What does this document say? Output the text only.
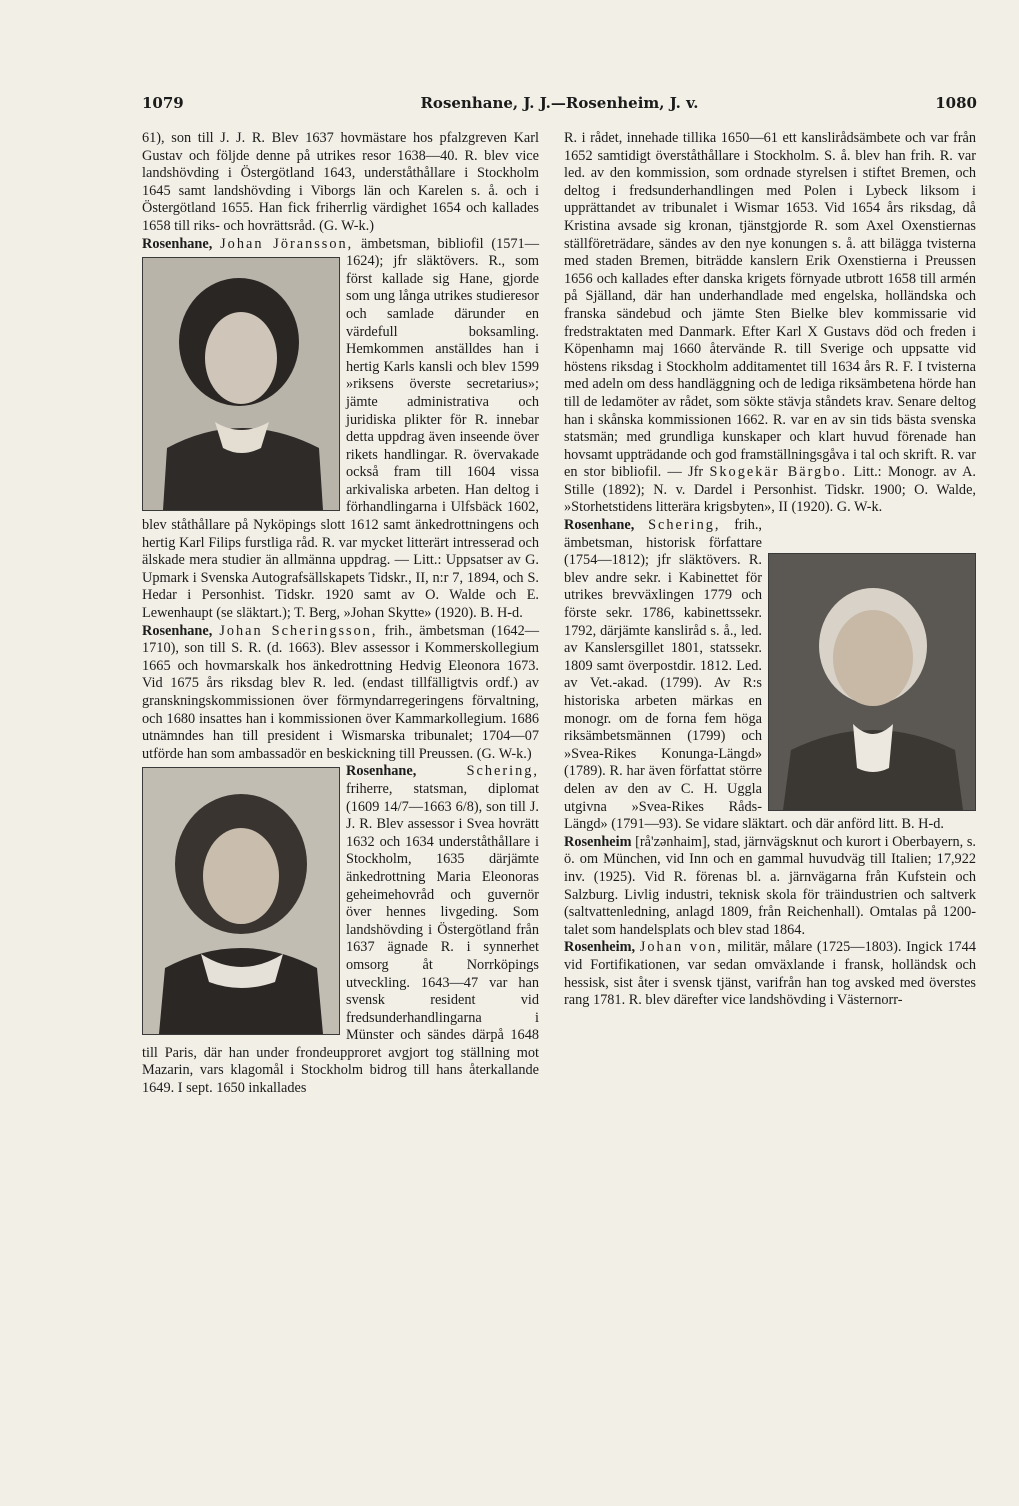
1079	Rosenhane, J. J.—Rosenheim, J. v.	1080

61), son till J. J. R. Blev 1637 hovmästare hos pfalzgreven Karl Gustav och följde denne på utrikes resor 1638—40. R. blev vice landshövding i Östergötland 1643, underståthållare i Stockholm 1645 samt landshövding i Viborgs län och Karelen s. å. och i Östergötland 1655. Han fick friherrlig värdighet 1654 och kallades 1658 till riks- och hovrättsråd. (G. W-k.)

Rosenhane, Johan Jöransson, ämbetsman, bibliofil (1571—1624); jfr släktövers. R., som först kallade sig Hane, gjorde som ung långa utrikes studieresor och samlade därunder en värdefull boksamling. Hemkommen anställdes han i hertig Karls kansli och blev 1599 »riksens överste secretarius»; jämte administrativa och juridiska plikter för R. innebar detta uppdrag även inseende över rikets handlingar. R. övervakade också fram till 1604 vissa arkivaliska arbeten. Han deltog i förhandlingarna i Ulfsbäck 1602, blev ståthållare på Nyköpings slott 1612 samt änkedrottningens och hertig Karl Filips furstliga råd. R. var mycket litterärt intresserad och älskade mera studier än allmänna uppdrag. — Litt.: Uppsatser av G. Upmark i Svenska Autografsällskapets Tidskr., II, n:r 7, 1894, och S. Hedar i Personhist. Tidskr. 1920 samt av O. Walde och E. Lewenhaupt (se släktart.); T. Berg, »Johan Skytte» (1920). B. H-d.

Rosenhane, Johan Scheringsson, frih., ämbetsman (1642—1710), son till S. R. (d. 1663). Blev assessor i Kommerskollegium 1665 och hovmarskalk hos änkedrottning Hedvig Eleonora 1673. Vid 1675 års riksdag blev R. led. (endast tillfälligtvis ordf.) av granskningskommissionen över förmyndarregeringens förvaltning, och 1680 insattes han i kommissionen över Kammarkollegium. 1686 utnämndes han till president i Wismarska tribunalet; 1704—07 utförde han som ambassadör en beskickning till Preussen. (G. W-k.)

Rosenhane,	Schering,
friherre, statsman, diplomat (1609 14/7—1663 6/8), son till J. J. R. Blev assessor i Svea hovrätt 1632 och 1634 underståthållare i Stockholm, 1635 därjämte änkedrottning Maria Eleonoras geheimehovråd och guvernör över hennes livgeding. Som landshövding i Östergötland från 1637 ägnade R. i synnerhet omsorg åt Norrköpings utveckling. 1643—47 var han svensk resident vid fredsunderhandlingarna i Münster och sändes därpå 1648 till Paris, där han under frondeupproret avgjort tog ställning mot Mazarin, vars klagomål i Stockholm bidrog till hans återkallande 1649. I sept. 1650 inkallades

R. i rådet, innehade tillika 1650—61 ett kanslirådsämbete och var från 1652 samtidigt överståthållare i Stockholm. S. å. blev han frih. R. var led. av den kommission, som ordnade styrelsen i stiftet Bremen, och deltog i fredsunderhandlingen med Polen i Lybeck liksom i upprättandet av tribunalet i Wismar 1653. Vid 1654 års riksdag, då Kristina avsade sig kronan, tjänstgjorde R. som Axel Oxenstiernas ställföreträdare, sändes av den nye konungen s. å. att bilägga tvisterna med staden Bremen, biträdde kanslern Erik Oxenstierna i Preussen 1656 och kallades efter danska krigets förnyade utbrott 1658 till armén på Själland, där han underhandlade med engelska, holländska och franska sändebud och jämte Sten Bielke blev kommissarie vid fredstraktaten med Danmark. Efter Karl X Gustavs död och freden i Köpenhamn maj 1660 återvände R. till Sverige och uppsatte vid höstens riksdag i Stockholm additamentet till 1634 års R. F. I tvisterna med adeln om dess handläggning och de lediga riksämbetena hörde han till de ledamöter av rådet, som sökte stävja ståndets krav. Senare deltog han i skånska kommissionen 1662. R. var en av sin tids bästa svenska statsmän; med grundliga kunskaper och klart huvud förenade han hovsamt uppträdande och god framställningsgåva i tal och skrift. R. var en stor bibliofil. — Jfr Skogekär Bärgbo. Litt.: Monogr. av A. Stille (1892); N. v. Dardel i Personhist. Tidskr. 1900; O. Walde, »Storhetstidens litterära krigsbyten», II (1920). G. W-k.

Rosenhane, Schering, frih., ämbetsman, historisk författare (1754—1812); jfr släktövers. R. blev andre sekr. i Kabinettet för utrikes brevväxlingen 1779 och förste sekr. 1786, kabinettssekr. 1792, därjämte kansliråd s. å., led. av Kanslersgillet 1801, statssekr. 1809 samt överpostdir. 1812. Led. av Vet.-akad. (1799). Av R:s historiska arbeten märkas en monogr. om de forna fem höga riksämbetsmännen (1799) och »Svea-Rikes Konunga-Längd» (1789). R. har även författat större delen av den av C. H. Uggla utgivna »Svea-Rikes Råds-Längd» (1791—93). Se vidare släktart. och där anförd litt. B. H-d.

Rosenheim [rå'zənhaim], stad, järnvägsknut och kurort i Oberbayern, s. ö. om München, vid Inn och en gammal huvudväg till Italien; 17,922 inv. (1925). Vid R. förenas bl. a. järnvägarna från Kufstein och Salzburg. Livlig industri, teknisk skola för träindustrien och saltverk (saltvattenledning, anlagd 1809, från Reichenhall). Omtalas på 1200-talet som handelsplats och blev stad 1864.

Rosenheim, Johan von, militär, målare (1725—1803). Ingick 1744 vid Fortifikationen, var sedan omväxlande i fransk, holländsk och hessisk, sist åter i svensk tjänst, varifrån han tog avsked med överstes rang 1781. R. blev därefter vice landshövding i Västernorr-
